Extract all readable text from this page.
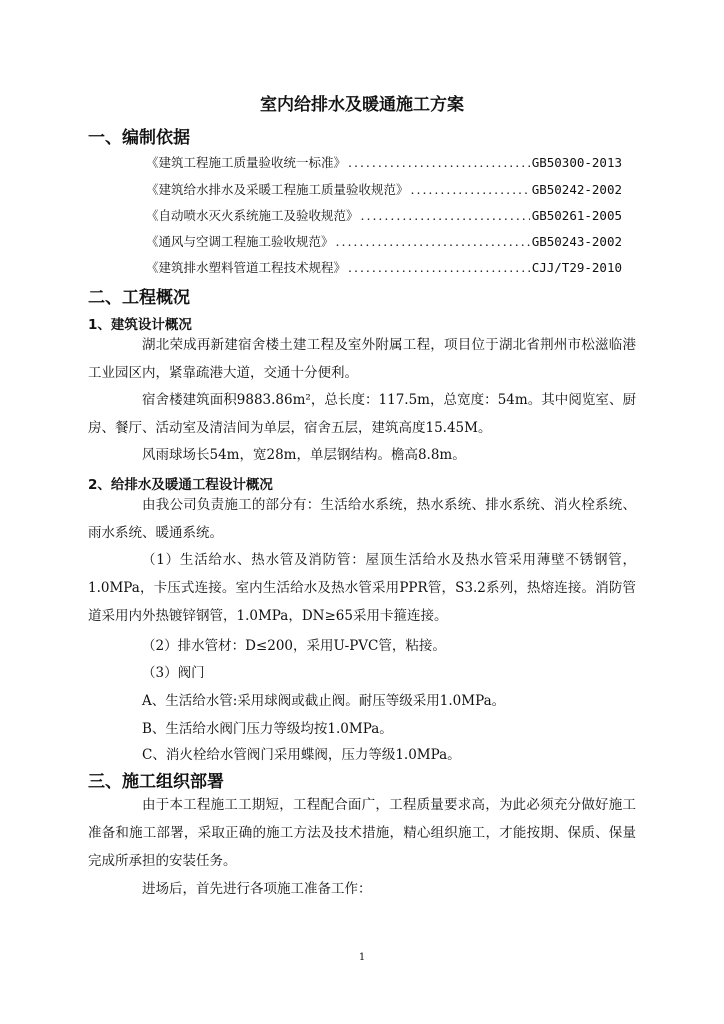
室内给排水及暖通施工方案
一、编制依据
《建筑工程施工质量验收统一标准》 .....	GB50300-2013
《建筑给水排水及采暖工程施工质量验收规范》 .....	GB50242-2002
《自动喷水灭火系统施工及验收规范》 .....	GB50261-2005
《通风与空调工程施工验收规范》 .....	GB50243-2002
《建筑排水塑料管道工程技术规程》 .....	CJJ/T29-2010
二、工程概况
1、建筑设计概况

湖北荣成再新建宿舍楼土建工程及室外附属工程，项目位于湖北省荆州市松滋临港工业园区内，紧靠疏港大道，交通十分便利。

宿舍楼建筑面积9883.86m²，总长度：117.5m，总宽度：54m。其中阅览室、厨房、餐厅、活动室及清洁间为单层，宿舍五层，建筑高度15.45M。

风雨球场长54m，宽28m，单层钢结构。檐高8.8m。

2、给排水及暖通工程设计概况

由我公司负责施工的部分有：生活给水系统，热水系统、排水系统、消火栓系统、雨水系统、暖通系统。

（1）生活给水、热水管及消防管：屋顶生活给水及热水管采用薄壁不锈钢管，1.0MPa，卡压式连接。室内生活给水及热水管采用PPR管，S3.2系列，热熔连接。消防管道采用内外热镀锌钢管，1.0MPa，DN≥65采用卡箍连接。

（2）排水管材：D≤200，采用U-PVC管，粘接。
（3）阀门
A、生活给水管:采用球阀或截止阀。耐压等级采用1.0MPa。
B、生活给水阀门压力等级均按1.0MPa。
C、消火栓给水管阀门采用蝶阀，压力等级1.0MPa。
三、施工组织部署

由于本工程施工工期短，工程配合面广，工程质量要求高，为此必须充分做好施工准备和施工部署，采取正确的施工方法及技术措施，精心组织施工，才能按期、保质、保量完成所承担的安装任务。

进场后，首先进行各项施工准备工作：

1
